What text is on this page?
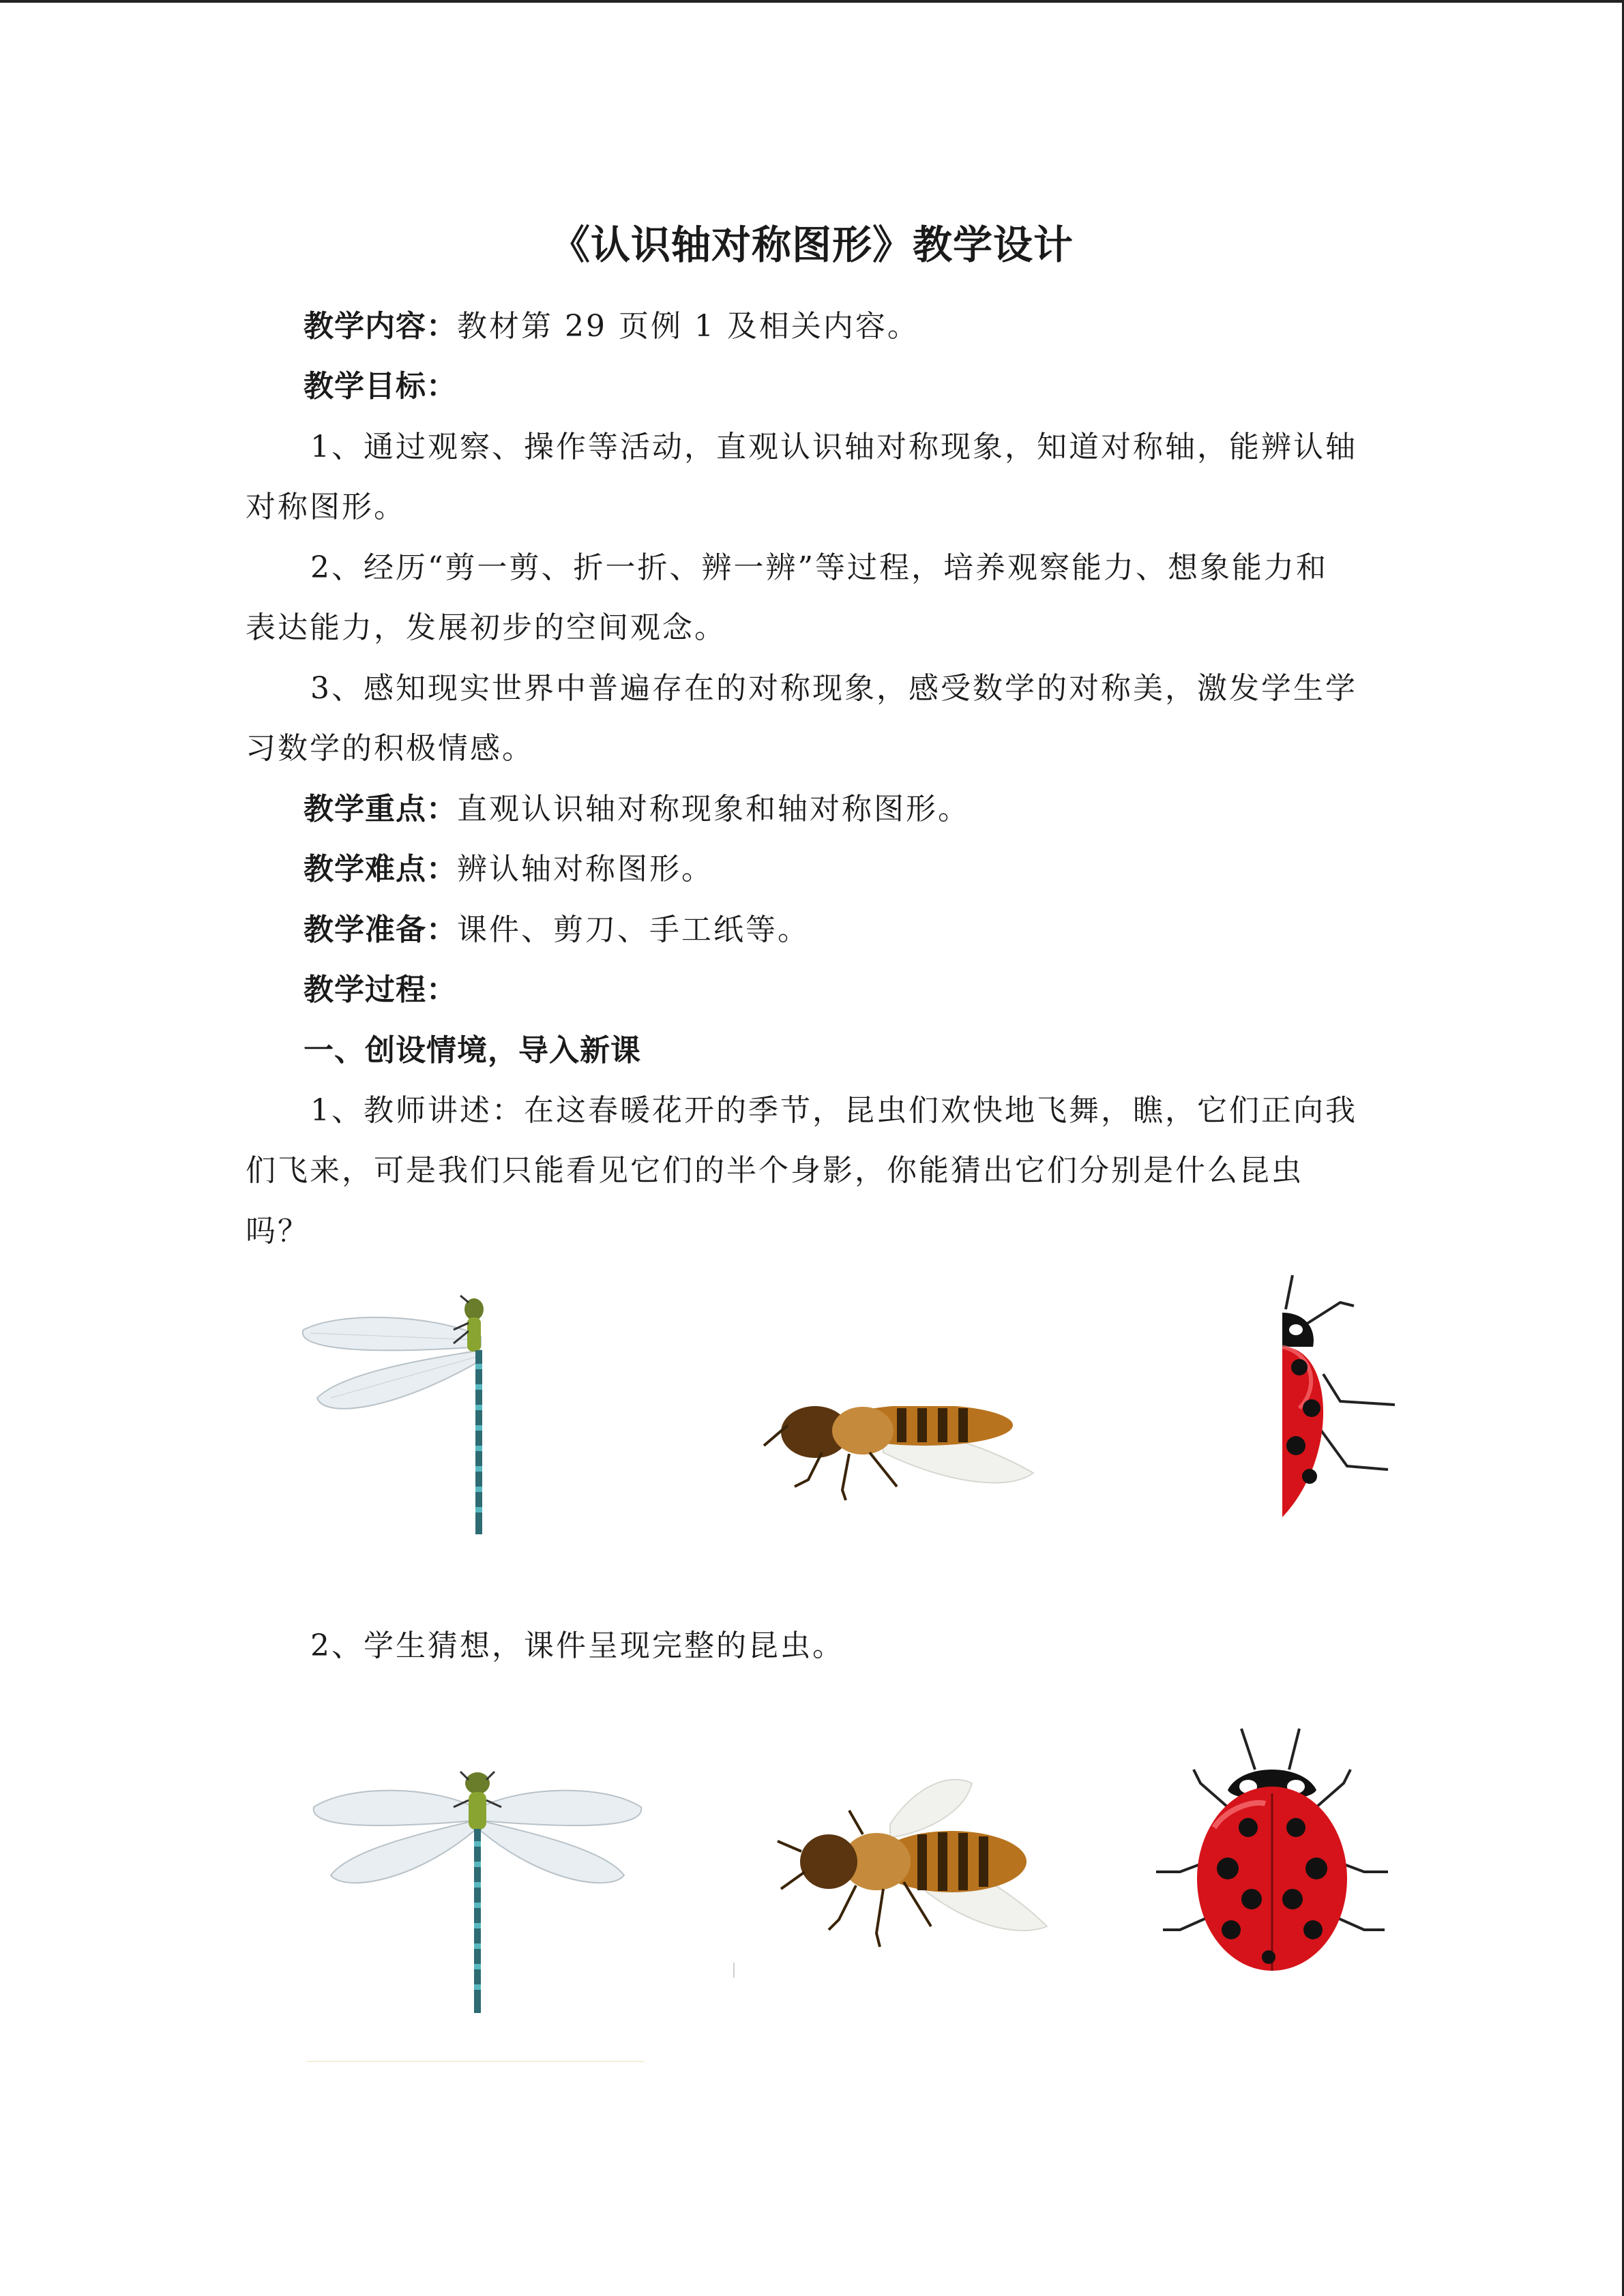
《认识轴对称图形》教学设计
教学内容：教材第 29 页例 1 及相关内容。
教学目标：
1、通过观察、操作等活动，直观认识轴对称现象，知道对称轴，能辨认轴
对称图形。
2、经历“剪一剪、折一折、辨一辨”等过程，培养观察能力、想象能力和
表达能力，发展初步的空间观念。
3、感知现实世界中普遍存在的对称现象，感受数学的对称美，激发学生学
习数学的积极情感。
教学重点：直观认识轴对称现象和轴对称图形。
教学难点：辨认轴对称图形。
教学准备：课件、剪刀、手工纸等。
教学过程：
一、创设情境，导入新课
1、教师讲述：在这春暖花开的季节，昆虫们欢快地飞舞，瞧，它们正向我
们飞来，可是我们只能看见它们的半个身影，你能猜出它们分别是什么昆虫
吗？
2、学生猜想，课件呈现完整的昆虫。
